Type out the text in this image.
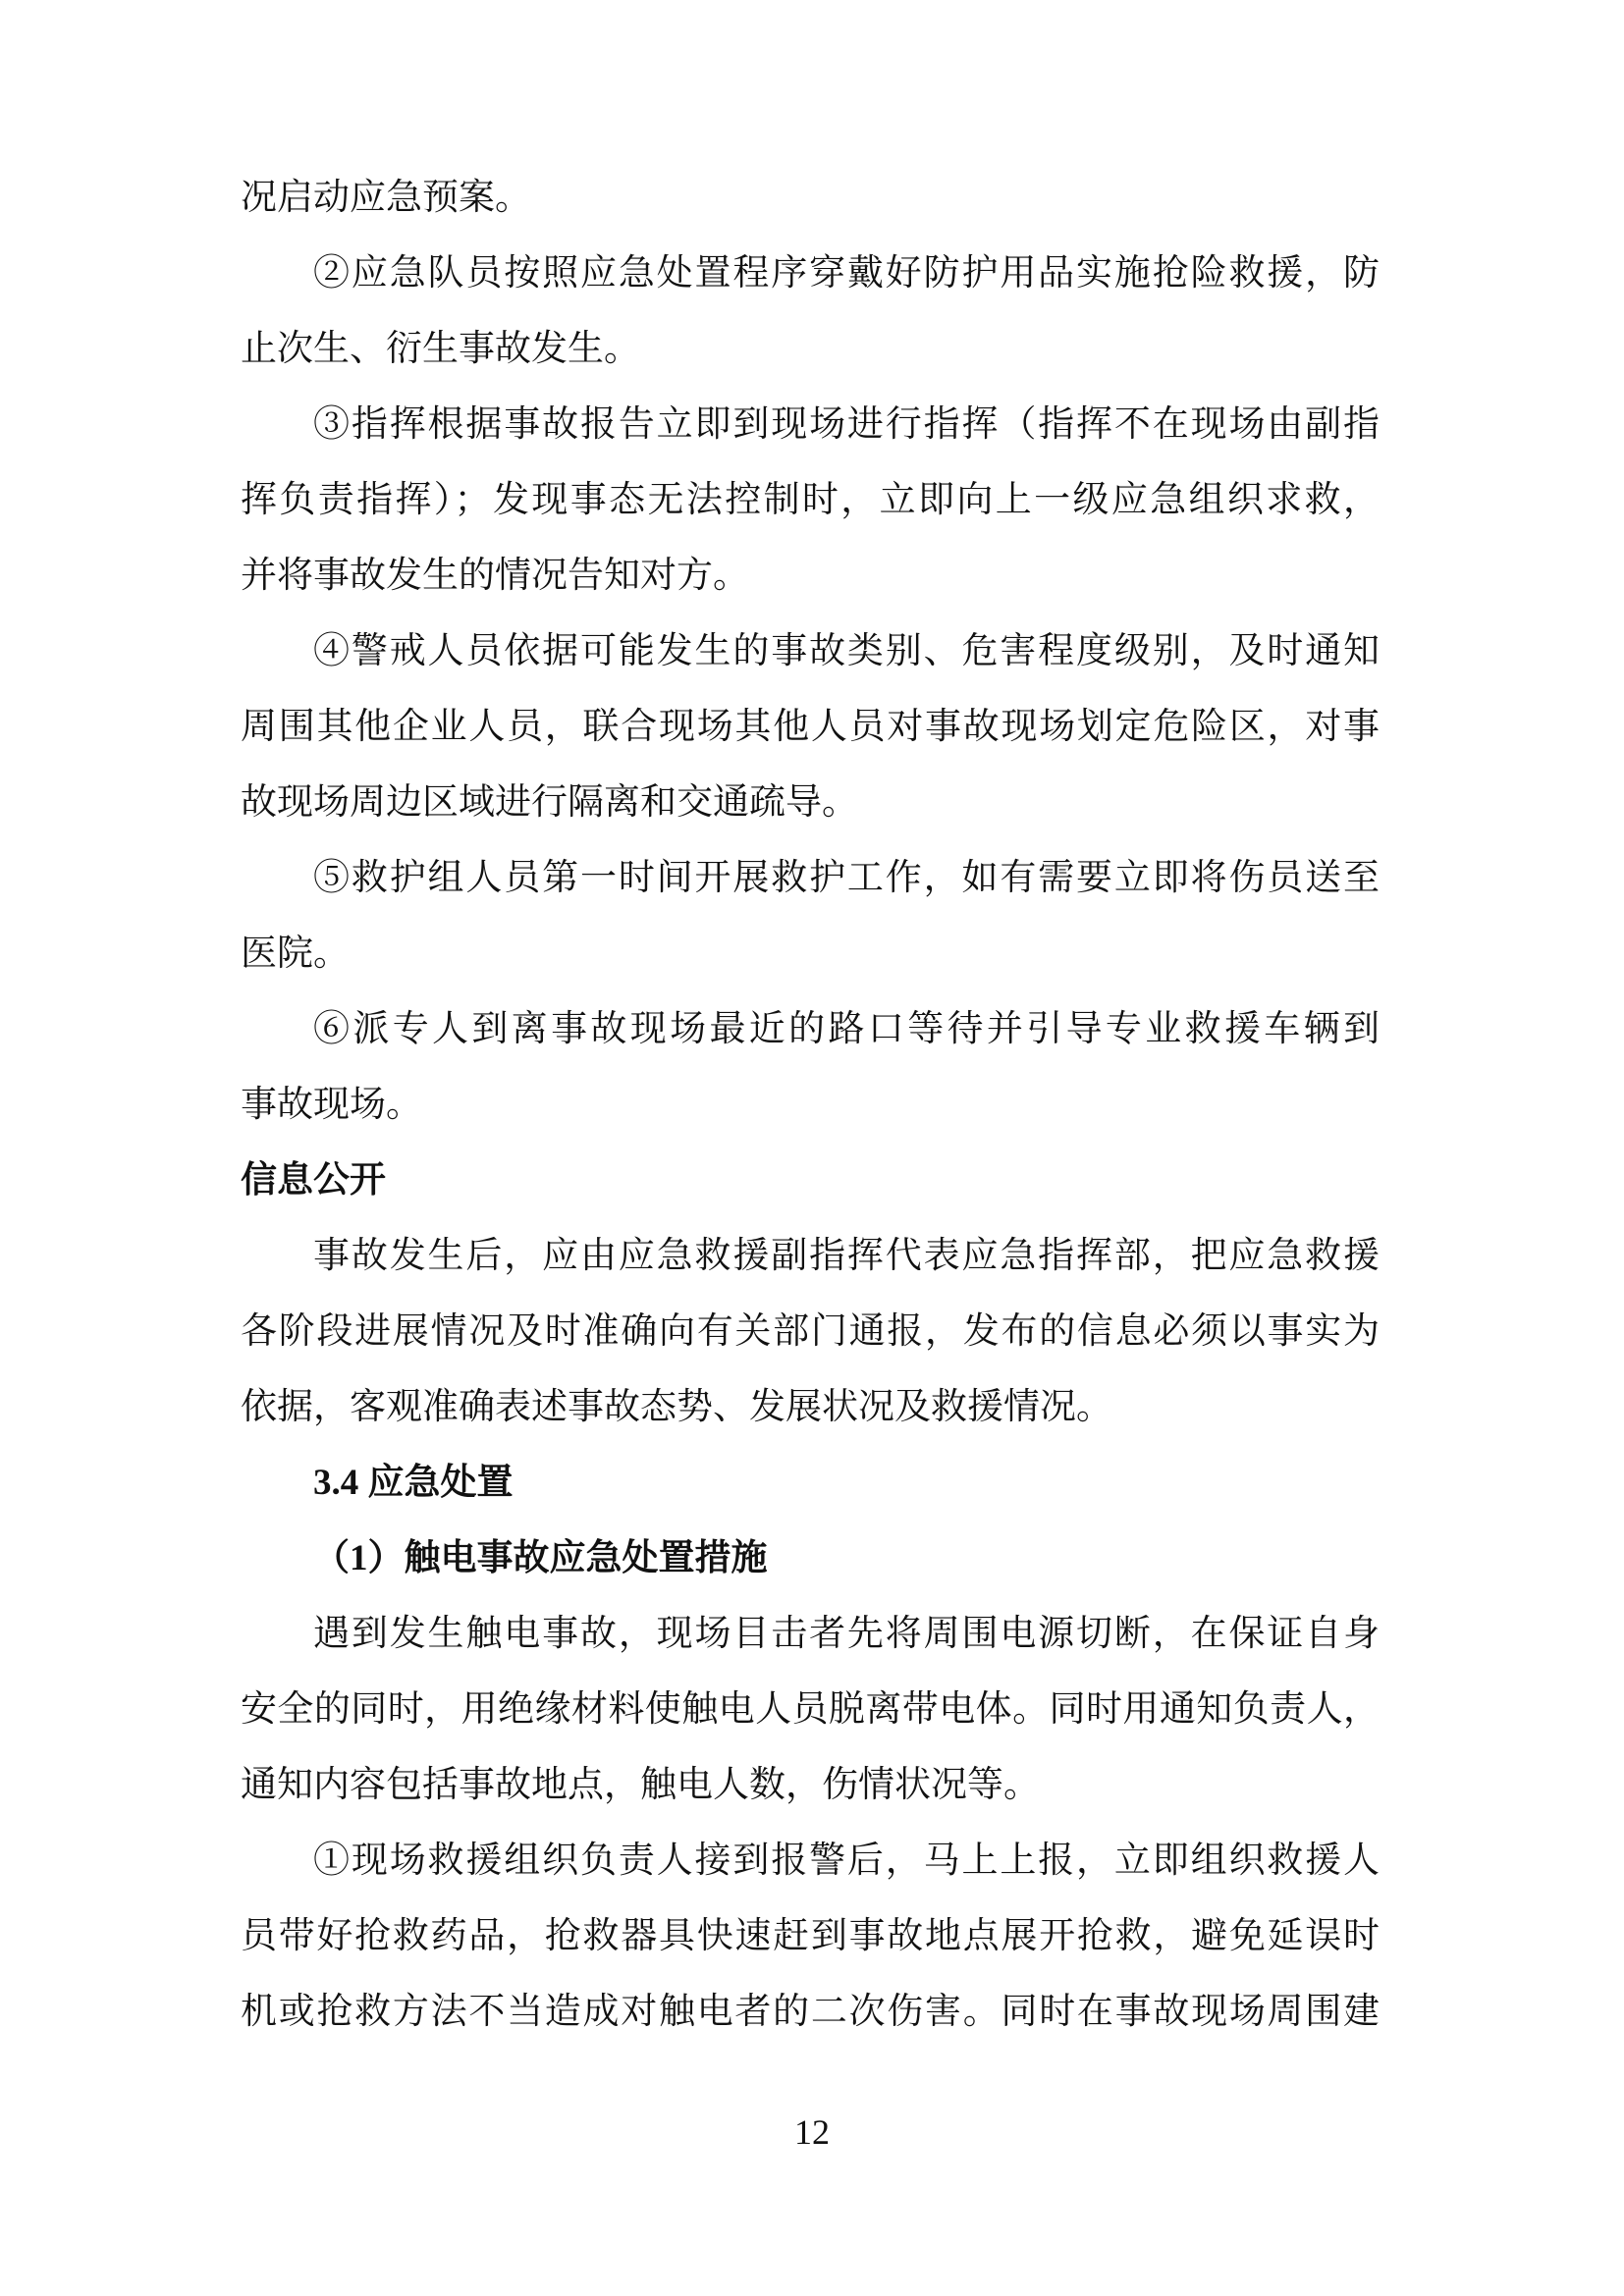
况启动应急预案。
②应急队员按照应急处置程序穿戴好防护用品实施抢险救援，防
止次生、衍生事故发生。
③指挥根据事故报告立即到现场进行指挥（指挥不在现场由副指
挥负责指挥）；发现事态无法控制时，立即向上一级应急组织求救，
并将事故发生的情况告知对方。
④警戒人员依据可能发生的事故类别、危害程度级别，及时通知
周围其他企业人员，联合现场其他人员对事故现场划定危险区，对事
故现场周边区域进行隔离和交通疏导。
⑤救护组人员第一时间开展救护工作，如有需要立即将伤员送至
医院。
⑥派专人到离事故现场最近的路口等待并引导专业救援车辆到
事故现场。
信息公开
事故发生后，应由应急救援副指挥代表应急指挥部，把应急救援
各阶段进展情况及时准确向有关部门通报，发布的信息必须以事实为
依据，客观准确表述事故态势、发展状况及救援情况。
3.4 应急处置
（1）触电事故应急处置措施
遇到发生触电事故，现场目击者先将周围电源切断，在保证自身
安全的同时，用绝缘材料使触电人员脱离带电体。同时用通知负责人，
通知内容包括事故地点，触电人数，伤情状况等。
①现场救援组织负责人接到报警后，马上上报，立即组织救援人
员带好抢救药品，抢救器具快速赶到事故地点展开抢救，避免延误时
机或抢救方法不当造成对触电者的二次伤害。同时在事故现场周围建
12
